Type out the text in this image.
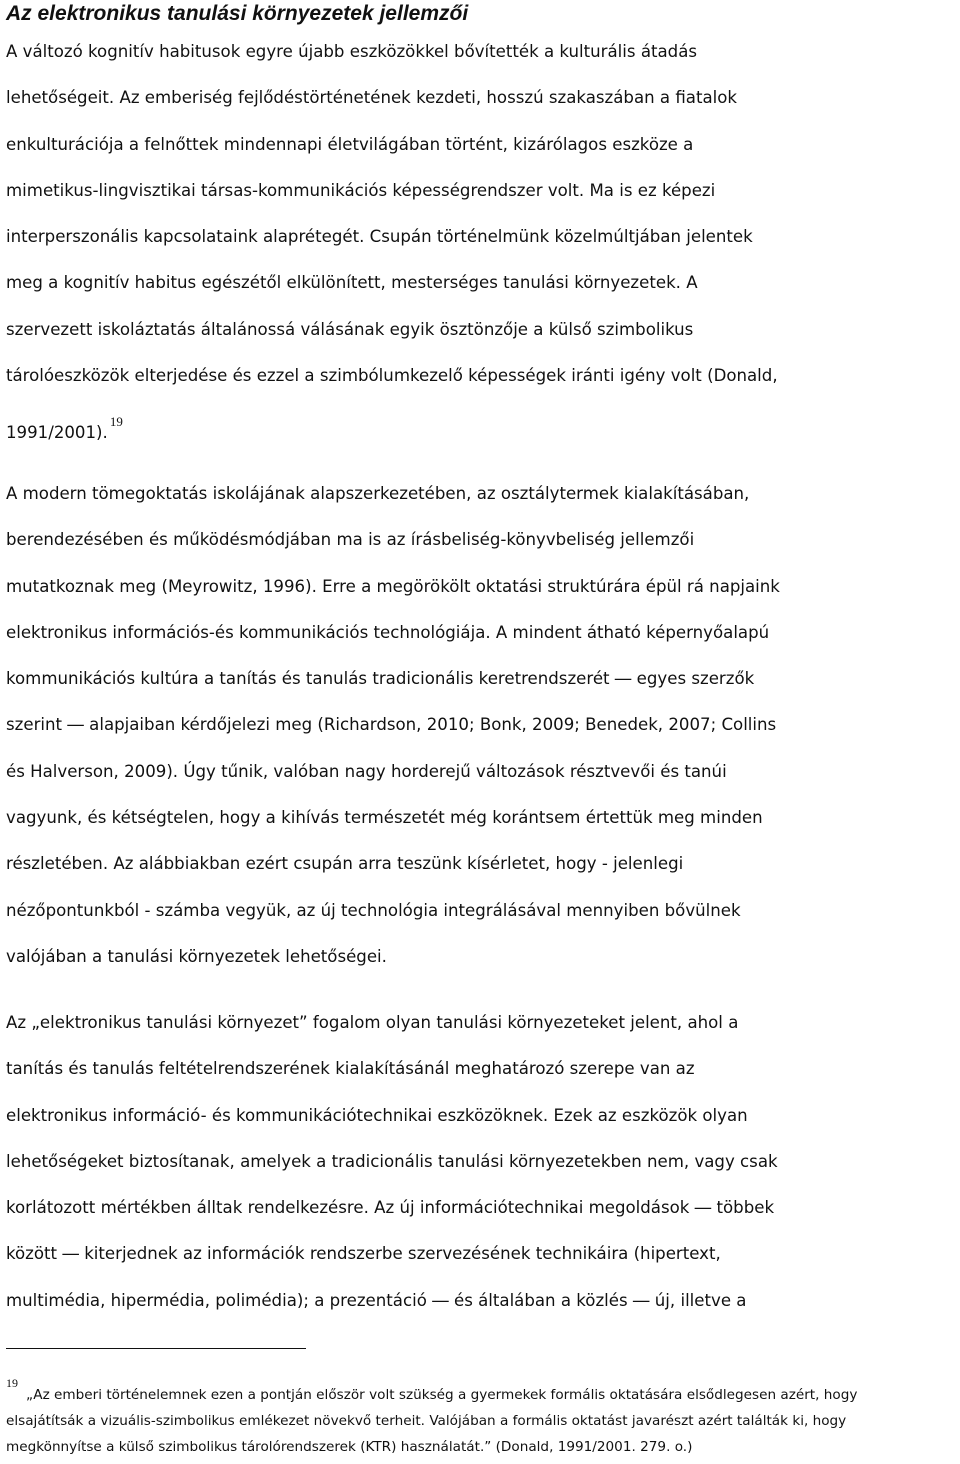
Az elektronikus tanulási környezetek jellemzői

A változó kognitív habitusok egyre újabb eszközökkel bővítették a kulturális átadás
lehetőségeit. Az emberiség fejlődéstörténetének kezdeti, hosszú szakaszában a fiatalok
enkulturációja a felnőttek mindennapi életvilágában történt, kizárólagos eszköze a
mimetikus-lingvisztikai társas-kommunikációs képességrendszer volt. Ma is ez képezi
interperszonális kapcsolataink alaprétegét. Csupán történelmünk közelmúltjában jelentek
meg a kognitív habitus egészétől elkülönített, mesterséges tanulási környezetek. A
szervezett iskoláztatás általánossá válásának egyik ösztönzője a külső szimbolikus
tárolóeszközök elterjedése és ezzel a szimbólumkezelő képességek iránti igény volt (Donald,
1991/2001).$^{19}$

A modern tömegoktatás iskolájának alapszerkezetében, az osztálytermek kialakításában,
berendezésében és működésmódjában ma is az írásbeliség-könyvbeliség jellemzői
mutatkoznak meg (Meyrowitz, 1996). Erre a megörökölt oktatási struktúrára épül rá napjaink
elektronikus információs-és kommunikációs technológiája. A mindent átható képernyőalapú
kommunikációs kultúra a tanítás és tanulás tradicionális keretrendszerét ― egyes szerzők
szerint ― alapjaiban kérdőjelezi meg (Richardson, 2010; Bonk, 2009; Benedek, 2007; Collins
és Halverson, 2009). Úgy tűnik, valóban nagy horderejű változások résztvevői és tanúi
vagyunk, és kétségtelen, hogy a kihívás természetét még korántsem értettük meg minden
részletében. Az alábbiakban ezért csupán arra teszünk kísérletet, hogy - jelenlegi
nézőpontunkból - számba vegyük, az új technológia integrálásával mennyiben bővülnek
valójában a tanulási környezetek lehetőségei.

Az „elektronikus tanulási környezet” fogalom olyan tanulási környezeteket jelent, ahol a
tanítás és tanulás feltételrendszerének kialakításánál meghatározó szerepe van az
elektronikus információ- és kommunikációtechnikai eszközöknek. Ezek az eszközök olyan
lehetőségeket biztosítanak, amelyek a tradicionális tanulási környezetekben nem, vagy csak
korlátozott mértékben álltak rendelkezésre. Az új információtechnikai megoldások ― többek
között ― kiterjednek az információk rendszerbe szervezésének technikáira (hipertext,
multimédia, hipermédia, polimédia); a prezentáció ― és általában a közlés ― új, illetve a

19„Az emberi történelemnek ezen a pontján először volt szükség a gyermekek formális oktatására elsődlegesen azért, hogy
elsajátítsák a vizuális-szimbolikus emlékezet növekvő terheit. Valójában a formális oktatást javarészt azért találták ki, hogy
megkönnyítse a külső szimbolikus tárolórendszerek (KTR) használatát.” (Donald, 1991/2001. 279. o.)
